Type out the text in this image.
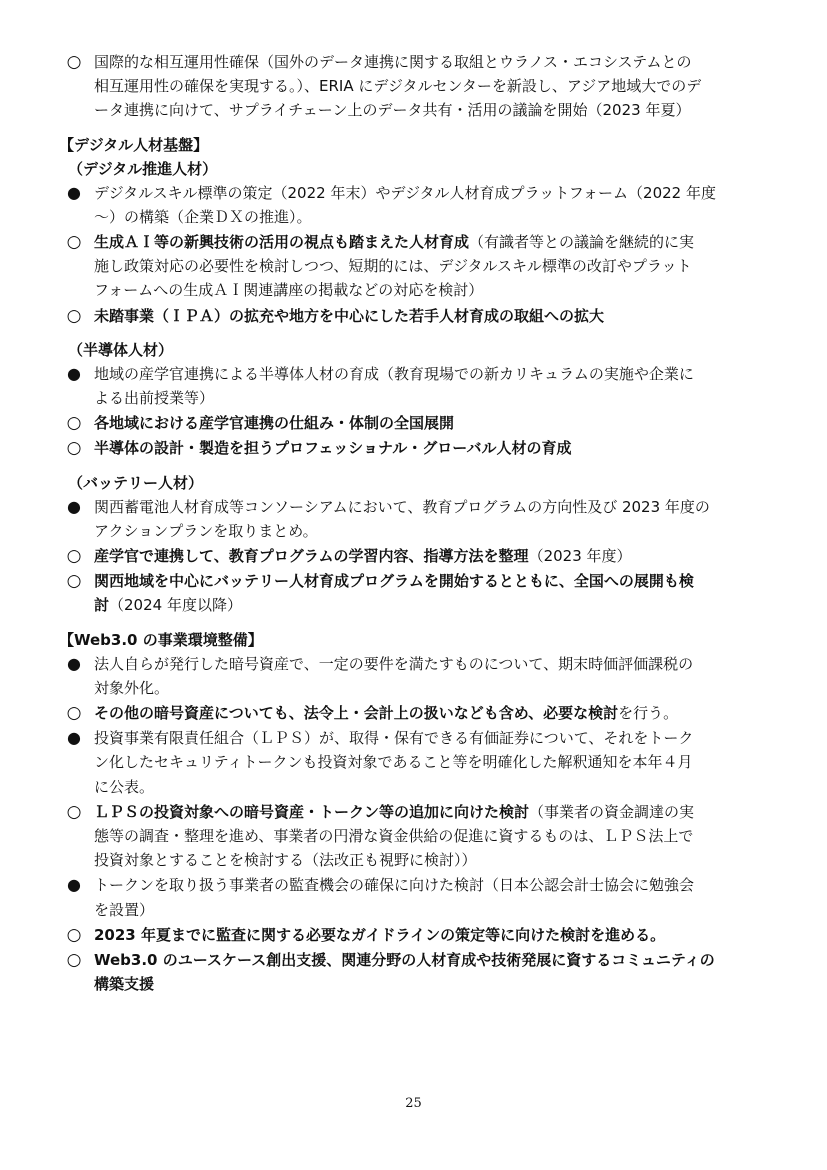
○ 国際的な相互運用性確保（国外のデータ連携に関する取組とウラノス・エコシステムとの
相互運用性の確保を実現する。）、ERIA にデジタルセンターを新設し、アジア地域大でのデ
ータ連携に向けて、サプライチェーン上のデータ共有・活用の議論を開始（2023 年夏）
【デジタル人材基盤】
（デジタル推進人材）
● デジタルスキル標準の策定（2022 年末）やデジタル人材育成プラットフォーム（2022 年度
～）の構築（企業ＤＸの推進）。
○ 生成ＡＩ等の新興技術の活用の視点も踏まえた人材育成（有識者等との議論を継続的に実
施し政策対応の必要性を検討しつつ、短期的には、デジタルスキル標準の改訂やプラット
フォームへの生成ＡＩ関連講座の掲載などの対応を検討）
○ 未踏事業（ＩＰＡ）の拡充や地方を中心にした若手人材育成の取組への拡大
（半導体人材）
● 地域の産学官連携による半導体人材の育成（教育現場での新カリキュラムの実施や企業に
よる出前授業等）
○ 各地域における産学官連携の仕組み・体制の全国展開
○ 半導体の設計・製造を担うプロフェッショナル・グローバル人材の育成
（バッテリー人材）
● 関西蓄電池人材育成等コンソーシアムにおいて、教育プログラムの方向性及び 2023 年度の
アクションプランを取りまとめ。
○ 産学官で連携して、教育プログラムの学習内容、指導方法を整理（2023 年度）
○ 関西地域を中心にバッテリー人材育成プログラムを開始するとともに、全国への展開も検
討（2024 年度以降）
【Web3.0 の事業環境整備】
● 法人自らが発行した暗号資産で、一定の要件を満たすものについて、期末時価評価課税の
対象外化。
○ その他の暗号資産についても、法令上・会計上の扱いなども含め、必要な検討を行う。
● 投資事業有限責任組合（ＬＰＳ）が、取得・保有できる有価証券について、それをトーク
ン化したセキュリティトークンも投資対象であること等を明確化した解釈通知を本年４月
に公表。
○ ＬＰＳの投資対象への暗号資産・トークン等の追加に向けた検討（事業者の資金調達の実
態等の調査・整理を進め、事業者の円滑な資金供給の促進に資するものは、ＬＰＳ法上で
投資対象とすることを検討する（法改正も視野に検討））
● トークンを取り扱う事業者の監査機会の確保に向けた検討（日本公認会計士協会に勉強会
を設置）
○ 2023 年夏までに監査に関する必要なガイドラインの策定等に向けた検討を進める。
○ Web3.0 のユースケース創出支援、関連分野の人材育成や技術発展に資するコミュニティの
構築支援
25
